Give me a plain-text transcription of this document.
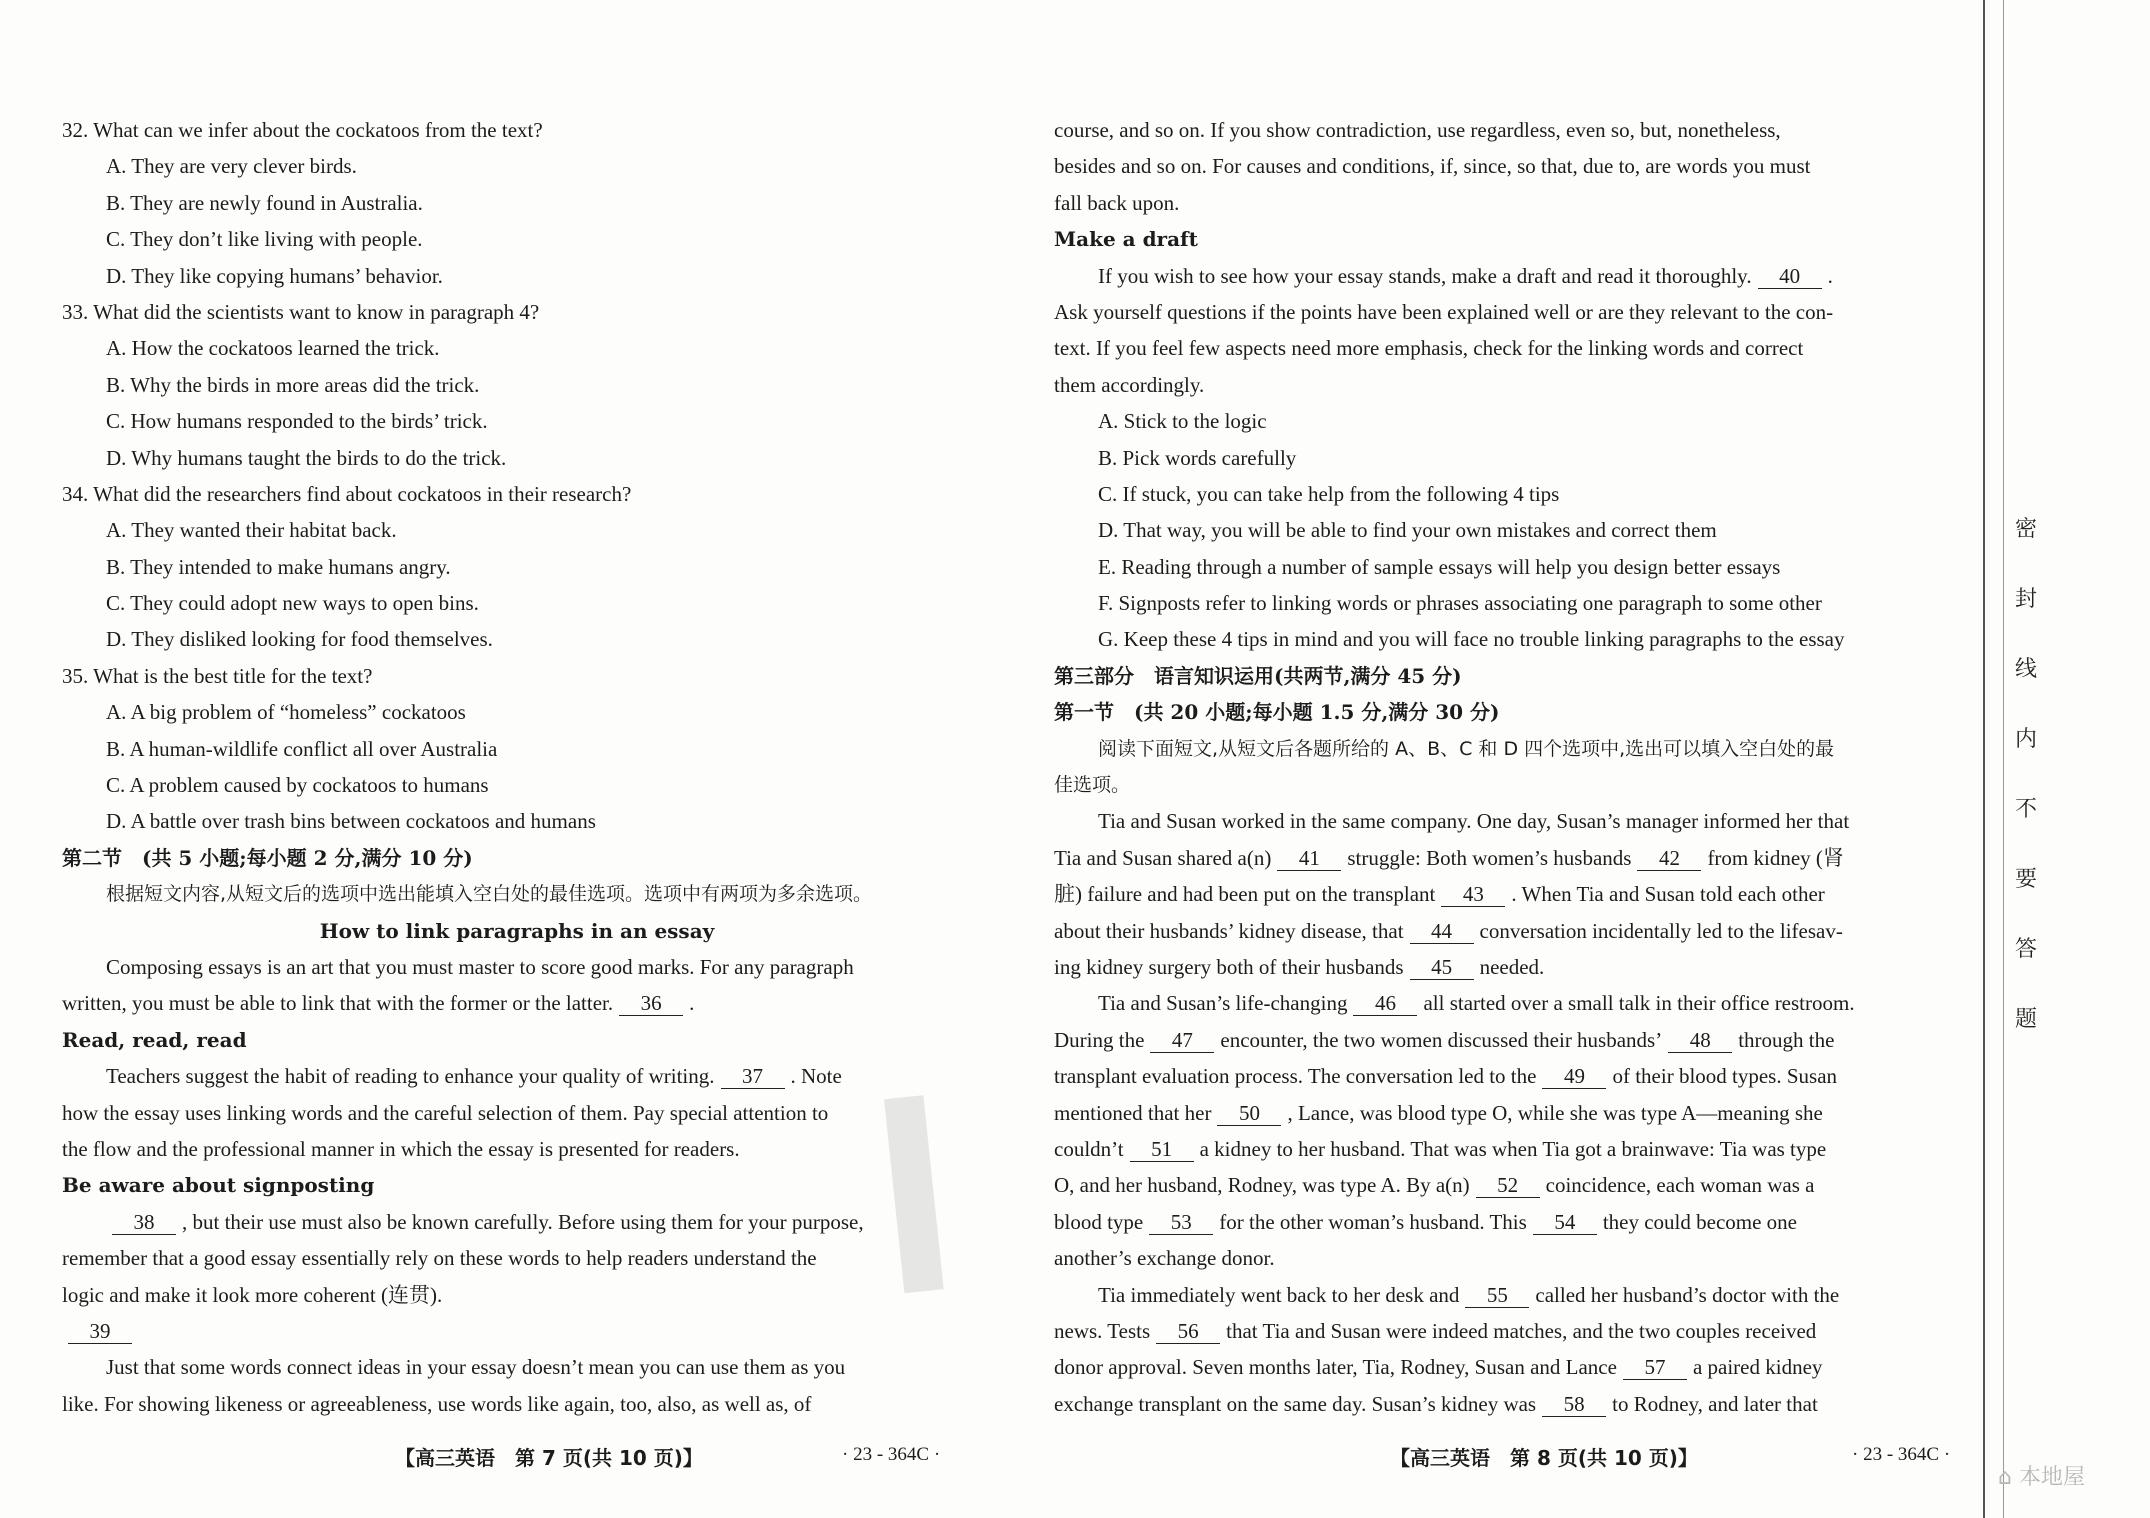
32. What can we infer about the cockatoos from the text?
A. They are very clever birds.
B. They are newly found in Australia.
C. They don’t like living with people.
D. They like copying humans’ behavior.
33. What did the scientists want to know in paragraph 4?
A. How the cockatoos learned the trick.
B. Why the birds in more areas did the trick.
C. How humans responded to the birds’ trick.
D. Why humans taught the birds to do the trick.
34. What did the researchers find about cockatoos in their research?
A. They wanted their habitat back.
B. They intended to make humans angry.
C. They could adopt new ways to open bins.
D. They disliked looking for food themselves.
35. What is the best title for the text?
A. A big problem of “homeless” cockatoos
B. A human-wildlife conflict all over Australia
C. A problem caused by cockatoos to humans
D. A battle over trash bins between cockatoos and humans
第二节　(共 5 小题;每小题 2 分,满分 10 分)
根据短文内容,从短文后的选项中选出能填入空白处的最佳选项。选项中有两项为多余选项。
How to link paragraphs in an essay
Composing essays is an art that you must master to score good marks. For any paragraph
written, you must be able to link that with the former or the latter. 36 .
Read, read, read
Teachers suggest the habit of reading to enhance your quality of writing. 37 . Note
how the essay uses linking words and the careful selection of them. Pay special attention to
the flow and the professional manner in which the essay is presented for readers.
Be aware about signposting
38 , but their use must also be known carefully. Before using them for your purpose,
remember that a good essay essentially rely on these words to help readers understand the
logic and make it look more coherent (连贯).
39
Just that some words connect ideas in your essay doesn’t mean you can use them as you
like. For showing likeness or agreeableness, use words like again, too, also, as well as, of
【高三英语　第 7 页(共 10 页)】	· 23 - 364C ·
course, and so on. If you show contradiction, use regardless, even so, but, nonetheless,
besides and so on. For causes and conditions, if, since, so that, due to, are words you must
fall back upon.
Make a draft
If you wish to see how your essay stands, make a draft and read it thoroughly. 40 .
Ask yourself questions if the points have been explained well or are they relevant to the con-
text. If you feel few aspects need more emphasis, check for the linking words and correct
them accordingly.
A. Stick to the logic
B. Pick words carefully
C. If stuck, you can take help from the following 4 tips
D. That way, you will be able to find your own mistakes and correct them
E. Reading through a number of sample essays will help you design better essays
F. Signposts refer to linking words or phrases associating one paragraph to some other
G. Keep these 4 tips in mind and you will face no trouble linking paragraphs to the essay
第三部分　语言知识运用(共两节,满分 45 分)
第一节　(共 20 小题;每小题 1.5 分,满分 30 分)
阅读下面短文,从短文后各题所给的 A、B、C 和 D 四个选项中,选出可以填入空白处的最
佳选项。
Tia and Susan worked in the same company. One day, Susan’s manager informed her that
Tia and Susan shared a(n) 41 struggle: Both women’s husbands 42 from kidney (肾
脏) failure and had been put on the transplant 43 . When Tia and Susan told each other
about their husbands’ kidney disease, that 44 conversation incidentally led to the lifesav-
ing kidney surgery both of their husbands 45 needed.
Tia and Susan’s life-changing 46 all started over a small talk in their office restroom.
During the 47 encounter, the two women discussed their husbands’ 48 through the
transplant evaluation process. The conversation led to the 49 of their blood types. Susan
mentioned that her 50 , Lance, was blood type O, while she was type A—meaning she
couldn’t 51 a kidney to her husband. That was when Tia got a brainwave: Tia was type
O, and her husband, Rodney, was type A. By a(n) 52 coincidence, each woman was a
blood type 53 for the other woman’s husband. This 54 they could become one
another’s exchange donor.
Tia immediately went back to her desk and 55 called her husband’s doctor with the
news. Tests 56 that Tia and Susan were indeed matches, and the two couples received
donor approval. Seven months later, Tia, Rodney, Susan and Lance 57 a paired kidney
exchange transplant on the same day. Susan’s kidney was 58 to Rodney, and later that
【高三英语　第 8 页(共 10 页)】	· 23 - 364C ·
ꟾ
密
封
线
内
不
要
答
题
⌂ 本地屋
